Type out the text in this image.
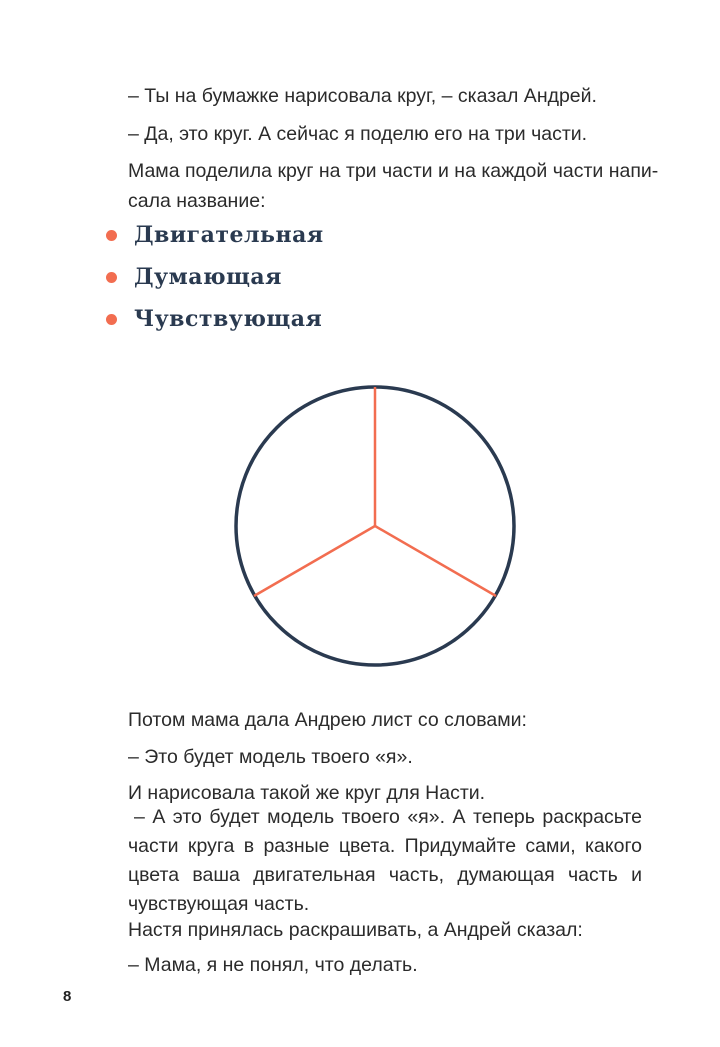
– Ты на бумажке нарисовала круг, – сказал Андрей.

– Да, это круг. А сейчас я поделю его на три части.

Мама поделила круг на три части и на каждой части напи-

сала название:

Двигательная
Думающая
Чувствующая

Потом мама дала Андрею лист со словами:

– Это будет модель твоего «я».

И нарисовала такой же круг для Насти.

– А это будет модель твоего «я». А теперь раскрасьте части круга в разные цвета. Придумайте сами, какого цвета ваша двигательная часть, думающая часть и чувствующая часть.

Настя принялась раскрашивать, а Андрей сказал:

– Мама, я не понял, что делать.

8
